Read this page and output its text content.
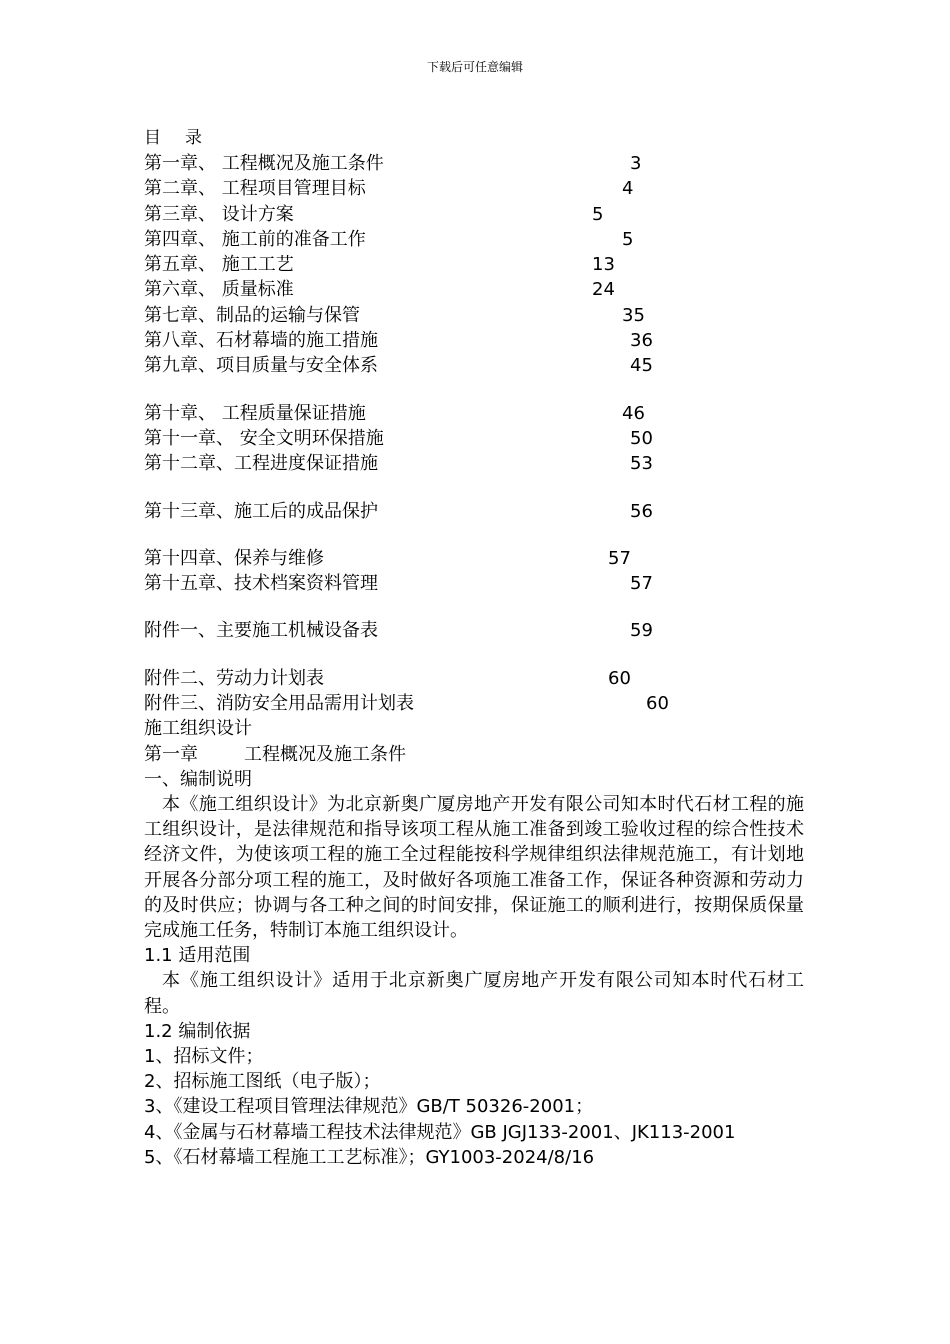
下载后可任意编辑
目 录
第一章、 工程概况及施工条件	3
第二章、 工程项目管理目标	4
第三章、 设计方案	5
第四章、 施工前的准备工作	5
第五章、 施工工艺	13
第六章、 质量标准	24
第七章、制品的运输与保管	35
第八章、石材幕墙的施工措施	36
第九章、项目质量与安全体系	45
第十章、 工程质量保证措施	46
第十一章、 安全文明环保措施	50
第十二章、工程进度保证措施	53
第十三章、施工后的成品保护	56
第十四章、保养与维修	57
第十五章、技术档案资料管理	57
附件一、主要施工机械设备表	59
附件二、劳动力计划表	60
附件三、消防安全用品需用计划表	60

施工组织设计

第一章	工程概况及施工条件

一、编制说明

本《施工组织设计》为北京新奥广厦房地产开发有限公司知本时代石材工程的施工组织设计，是法律规范和指导该项工程从施工准备到竣工验收过程的综合性技术经济文件，为使该项工程的施工全过程能按科学规律组织法律规范施工，有计划地开展各分部分项工程的施工，及时做好各项施工准备工作，保证各种资源和劳动力的及时供应；协调与各工种之间的时间安排，保证施工的顺利进行，按期保质保量完成施工任务，特制订本施工组织设计。

1.1 适用范围

本《施工组织设计》适用于北京新奥广厦房地产开发有限公司知本时代石材工程。

1.2 编制依据

1、招标文件；

2、招标施工图纸（电子版）；

3、《建设工程项目管理法律规范》GB/T 50326-2001；

4、《金属与石材幕墙工程技术法律规范》GB JGJ133-2001、JK113-2001

5、《石材幕墙工程施工工艺标准》；GY1003-2024/8/16
